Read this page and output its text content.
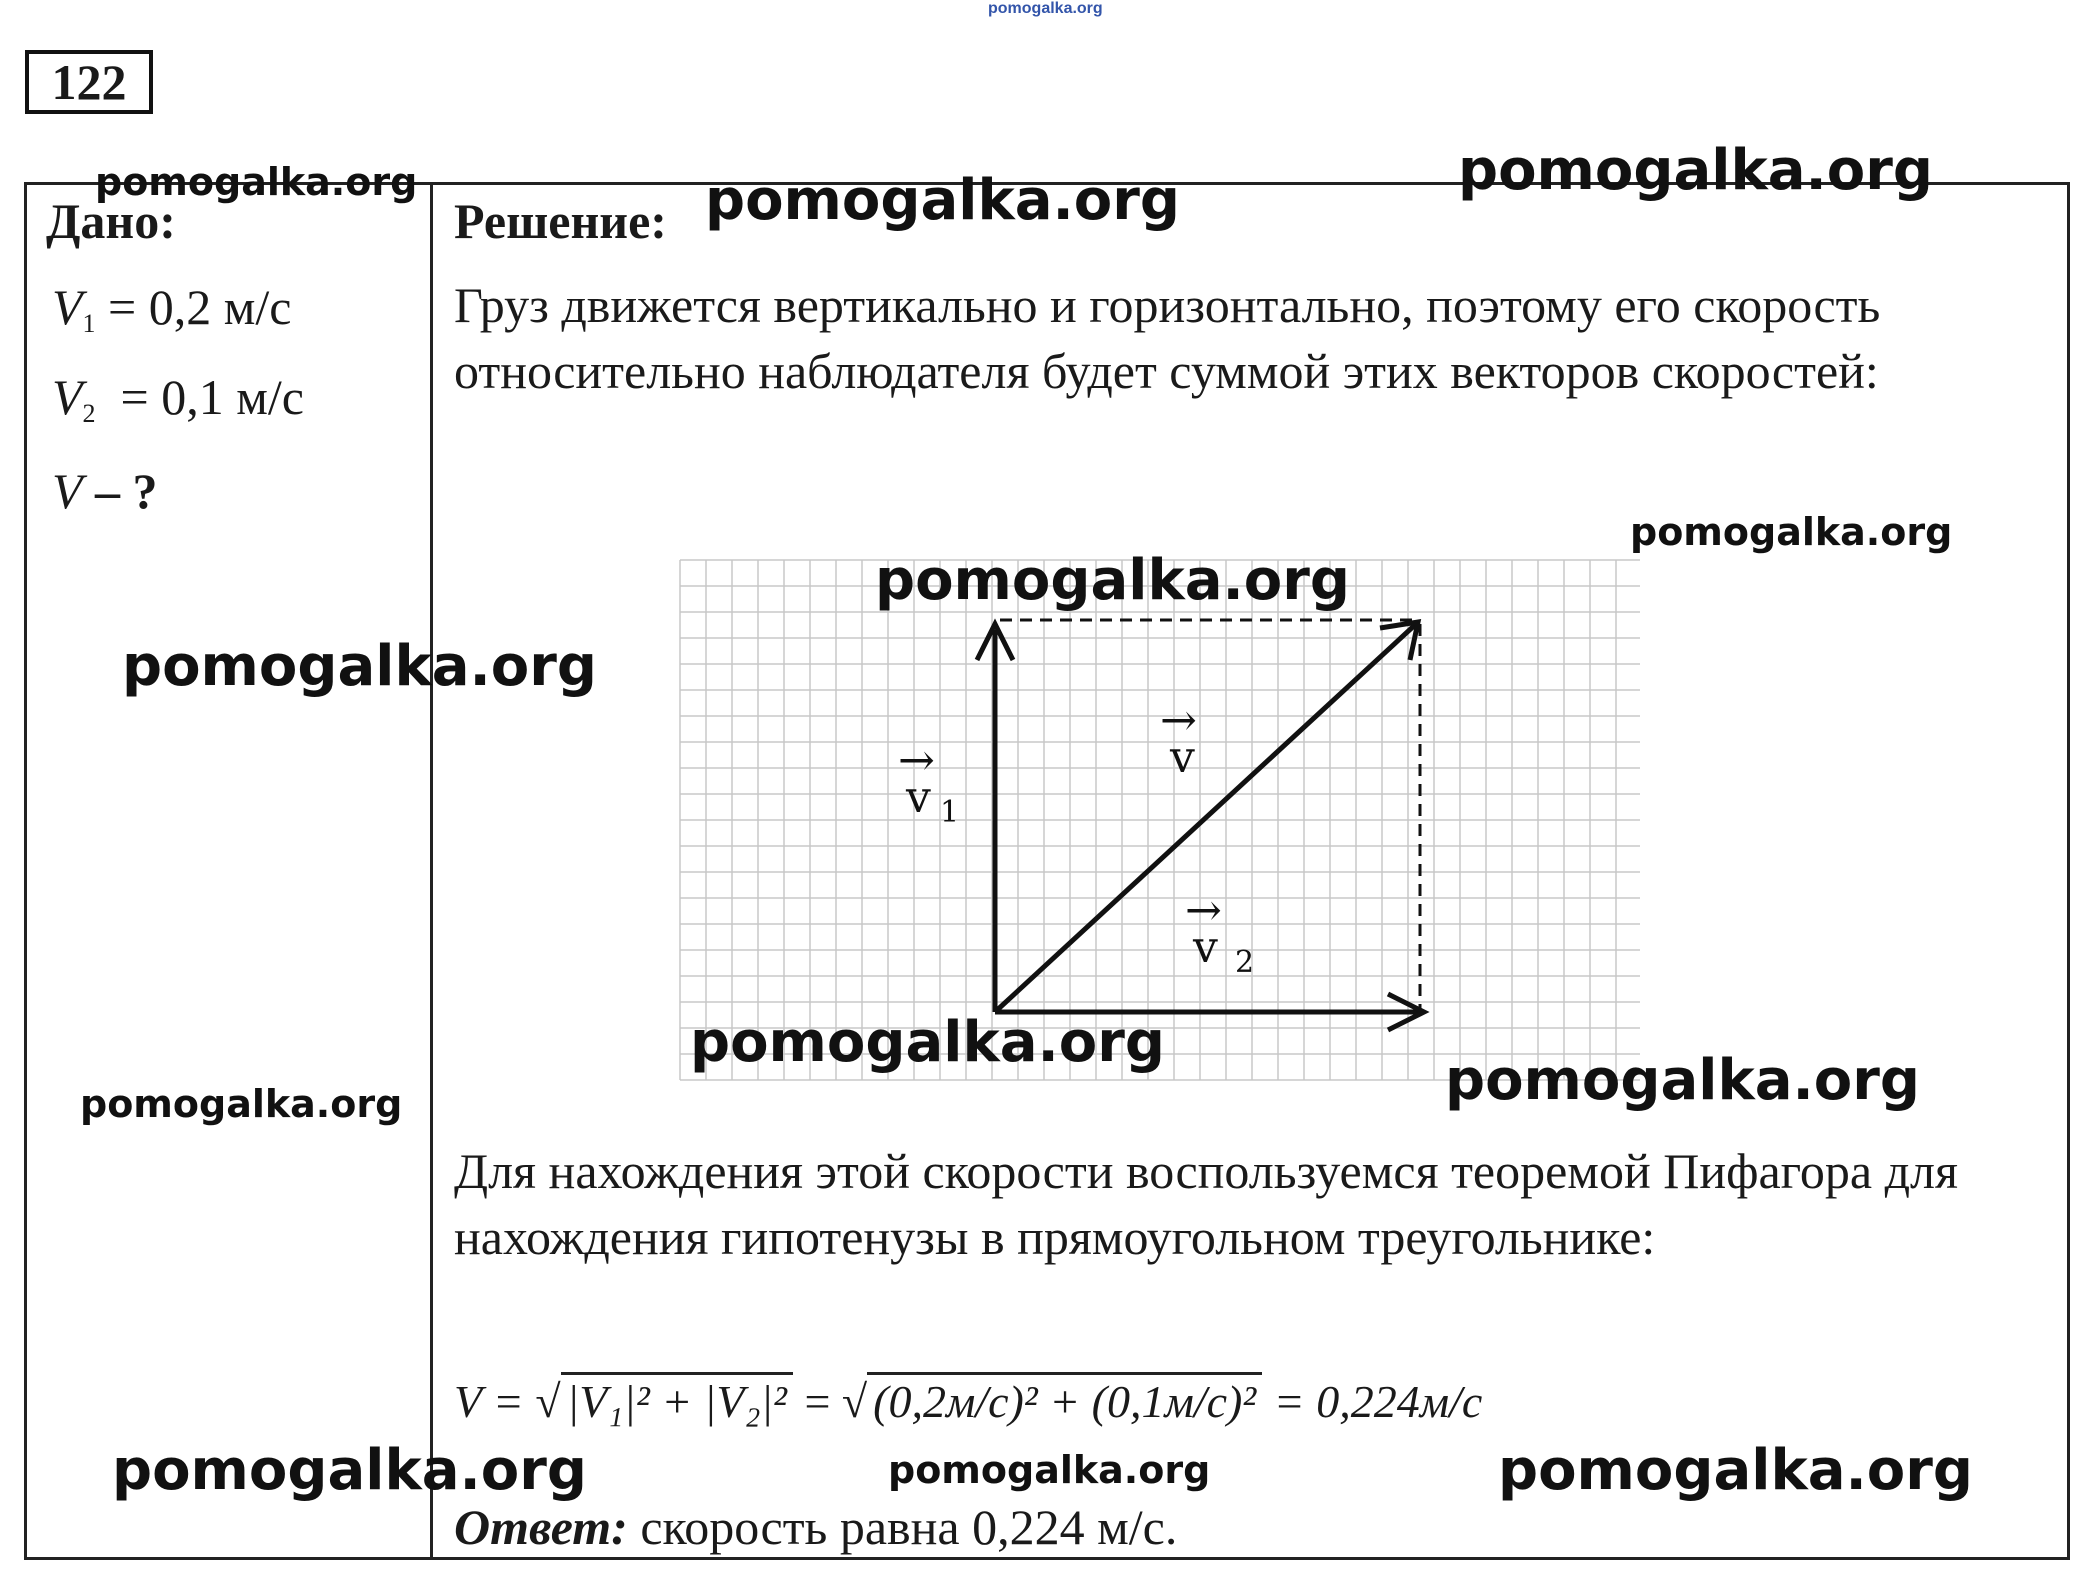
pomogalka.org
122
Дано:
$V_1 = 0,2$ м/с
$V_2 = 0,1$ м/с
V – ?
Решение:
Груз движется вертикально и горизонтально, поэтому его скорость относительно наблюдателя будет суммой этих векторов скоростей:
→
v 1
→
v
→
v 2
Для нахождения этой скорости воспользуемся теоремой Пифагора для нахождения гипотенузы в прямоугольном треугольнике:
V = √ |V₁|² + |V₂|² = √ (0,2м/с)² + (0,1м/с)² = 0,224м/с
Ответ: скорость равна 0,224 м/с.
pomogalka.org	pomogalka.org
pomogalka.org
pomogalka.org
pomogalka.org
pomogalka.org
pomogalka.org
pomogalka.org
pomogalka.org
pomogalka.org	pomogalka.org	pomogalka.org
